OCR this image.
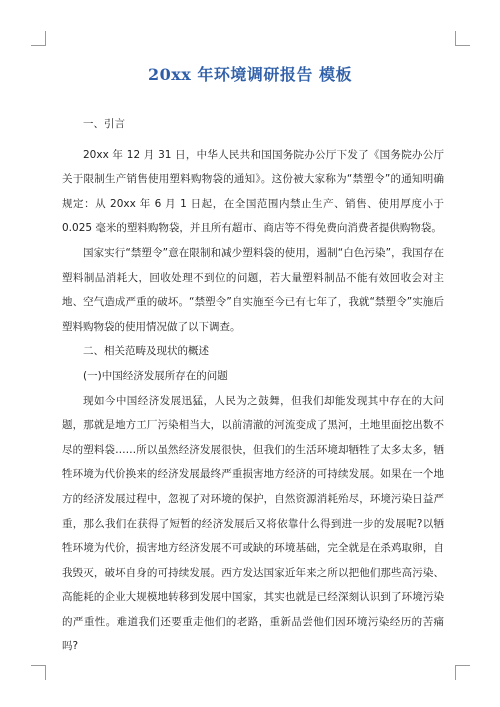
20xx 年环境调研报告 模板

一、引言

20xx 年 12 月 31 日，中华人民共和国国务院办公厅下发了《国务院办公厅关于限制生产销售使用塑料购物袋的通知》。这份被大家称为“禁塑令”的通知明确规定：从 20xx 年 6 月 1 日起，在全国范围内禁止生产、销售、使用厚度小于 0.025 毫米的塑料购物袋，并且所有超市、商店等不得免费向消费者提供购物袋。

国家实行“禁塑令”意在限制和减少塑料袋的使用，遏制“白色污染”，我国存在塑料制品消耗大，回收处理不到位的问题，若大量塑料制品不能有效回收会对主地、空气造成严重的破坏。“禁塑令”自实施至今已有七年了，我就“禁塑令”实施后塑料购物袋的使用情况做了以下调查。

二、相关范畴及现状的概述

(一)中国经济发展所存在的问题

现如今中国经济发展迅猛，人民为之鼓舞，但我们却能发现其中存在的大问题，那就是地方工厂污染相当大，以前清澈的河流变成了黑河，土地里面挖出数不尽的塑料袋……所以虽然经济发展很快，但我们的生活环境却牺牲了太多太多，牺牲环境为代价换来的经济发展最终严重损害地方经济的可持续发展。如果在一个地方的经济发展过程中，忽视了对环境的保护，自然资源消耗殆尽，环境污染日益严重，那么我们在获得了短暂的经济发展后又将依靠什么得到进一步的发展呢?以牺牲环境为代价，损害地方经济发展不可或缺的环境基础，完全就是在杀鸡取卵，自我毁灭，破坏自身的可持续发展。西方发达国家近年来之所以把他们那些高污染、高能耗的企业大规模地转移到发展中国家，其实也就是已经深刻认识到了环境污染的严重性。难道我们还要重走他们的老路，重新品尝他们因环境污染经历的苦痛吗?
